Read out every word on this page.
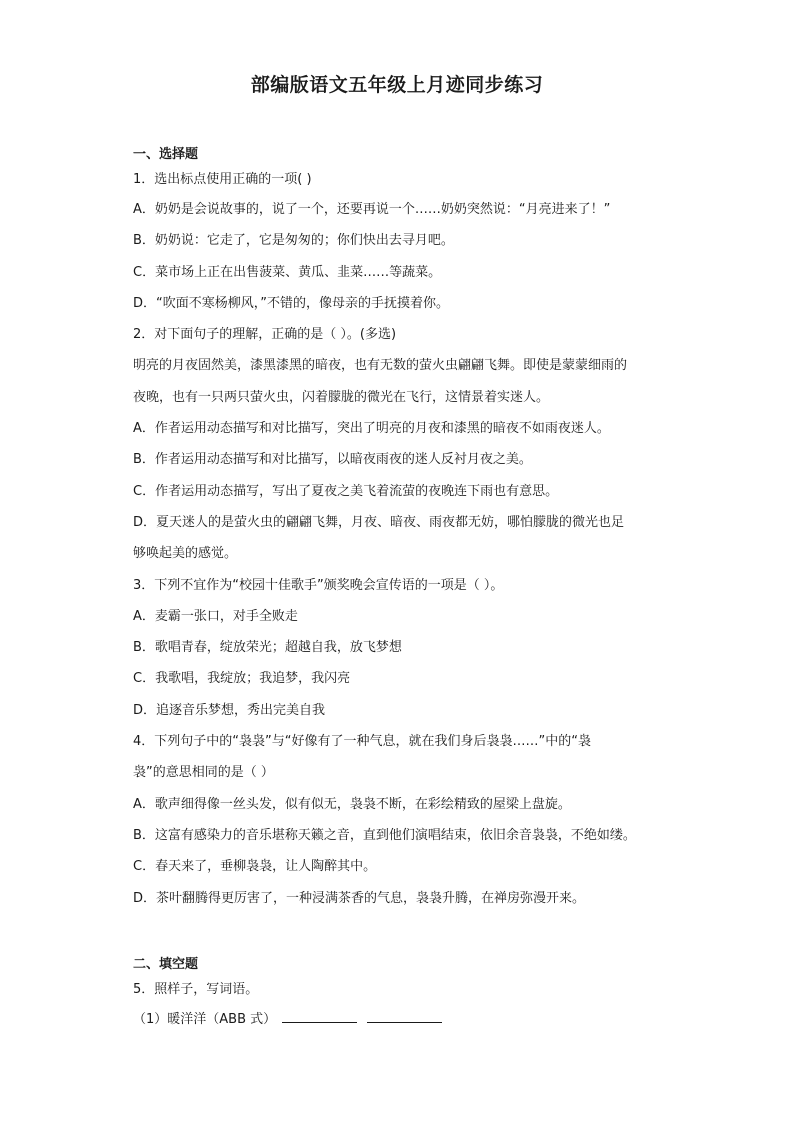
部编版语文五年级上月迹同步练习
一、选择题
1．选出标点使用正确的一项( )
A．奶奶是会说故事的，说了一个，还要再说一个……奶奶突然说：“月亮进来了！”
B．奶奶说：它走了，它是匆匆的；你们快出去寻月吧。
C．菜市场上正在出售菠菜、黄瓜、韭菜……等蔬菜。
D．“吹面不寒杨柳风，”不错的，像母亲的手抚摸着你。
2．对下面句子的理解，正确的是（ ）。(多选)
明亮的月夜固然美，漆黑漆黑的暗夜，也有无数的萤火虫翩翩飞舞。即使是蒙蒙细雨的
夜晚，也有一只两只萤火虫，闪着朦胧的微光在飞行，这情景着实迷人。
A．作者运用动态描写和对比描写，突出了明亮的月夜和漆黑的暗夜不如雨夜迷人。
B．作者运用动态描写和对比描写，以暗夜雨夜的迷人反衬月夜之美。
C．作者运用动态描写，写出了夏夜之美飞着流萤的夜晚连下雨也有意思。
D．夏天迷人的是萤火虫的翩翩飞舞，月夜、暗夜、雨夜都无妨，哪怕朦胧的微光也足
够唤起美的感觉。
3．下列不宜作为“校园十佳歌手”颁奖晚会宣传语的一项是（ ）。
A．麦霸一张口，对手全败走
B．歌唱青春，绽放荣光；超越自我，放飞梦想
C．我歌唱，我绽放；我追梦，我闪亮
D．追逐音乐梦想，秀出完美自我
4．下列句子中的“袅袅”与“好像有了一种气息，就在我们身后袅袅……”中的“袅
袅”的意思相同的是（ ）
A．歌声细得像一丝头发，似有似无，袅袅不断，在彩绘精致的屋梁上盘旋。
B．这富有感染力的音乐堪称天籁之音，直到他们演唱结束，依旧余音袅袅，不绝如缕。
C．春天来了，垂柳袅袅，让人陶醉其中。
D．茶叶翻腾得更厉害了，一种浸满茶香的气息，袅袅升腾，在禅房弥漫开来。
二、填空题
5．照样子，写词语。
（1）暖洋洋（ABB 式）
